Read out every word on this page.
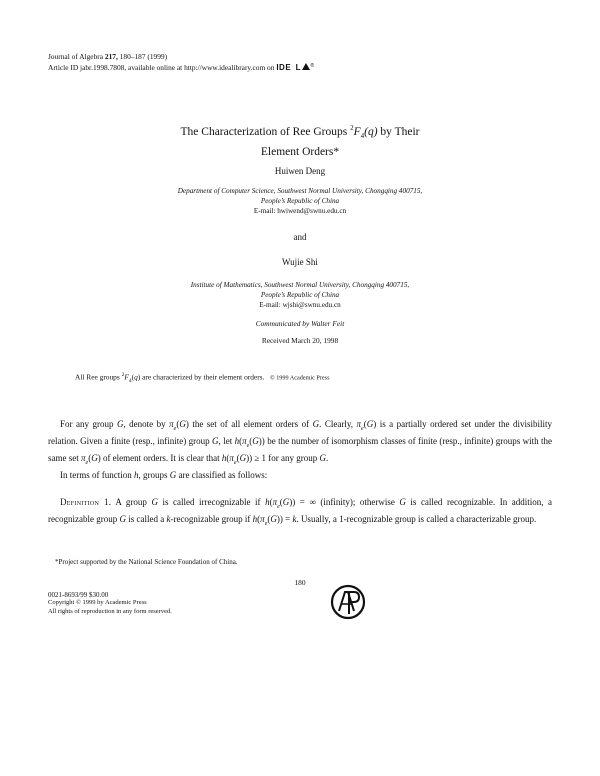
Journal of Algebra 217, 180–187 (1999)
Article ID jabr.1998.7808, available online at http://www.idealibrary.com on IDE L ®
The Characterization of Ree Groups $^2F_4(q)$ by Their
Element Orders*
Huiwen Deng
Department of Computer Science, Southwest Normal University, Chongqing 400715,
People’s Republic of China
E-mail: hwiwend@swnu.edu.cn
and
Wujie Shi
Institute of Mathematics, Southwest Normal University, Chongqing 400715,
People’s Republic of China
E-mail: wjshi@swnu.edu.cn
Communicated by Walter Feit
Received March 20, 1998
All Ree groups $^2F_4(q)$ are characterized by their element orders. © 1999 Academic Press

For any group G, denote by $\pi_e(G)$ the set of all element orders of G. Clearly, $\pi_e(G)$ is a partially ordered set under the divisibility relation. Given a finite (resp., infinite) group G, let $h(\pi_e(G))$ be the number of isomorphism classes of finite (resp., infinite) groups with the same set $\pi_e(G)$ of element orders. It is clear that $h(\pi_e(G)) \ge 1$ for any group G.

In terms of function h, groups G are classified as follows:

Definition 1. A group G is called irrecognizable if $h(\pi_e(G))$ = ∞ (infinity); otherwise G is called recognizable. In addition, a recognizable group G is called a k-recognizable group if $h(\pi_e(G)) = k$. Usually, a 1-recognizable group is called a characterizable group.

*Project supported by the National Science Foundation of China.
180
0021-8693/99 $30.00
Copyright © 1999 by Academic Press
All rights of reproduction in any form reserved.
